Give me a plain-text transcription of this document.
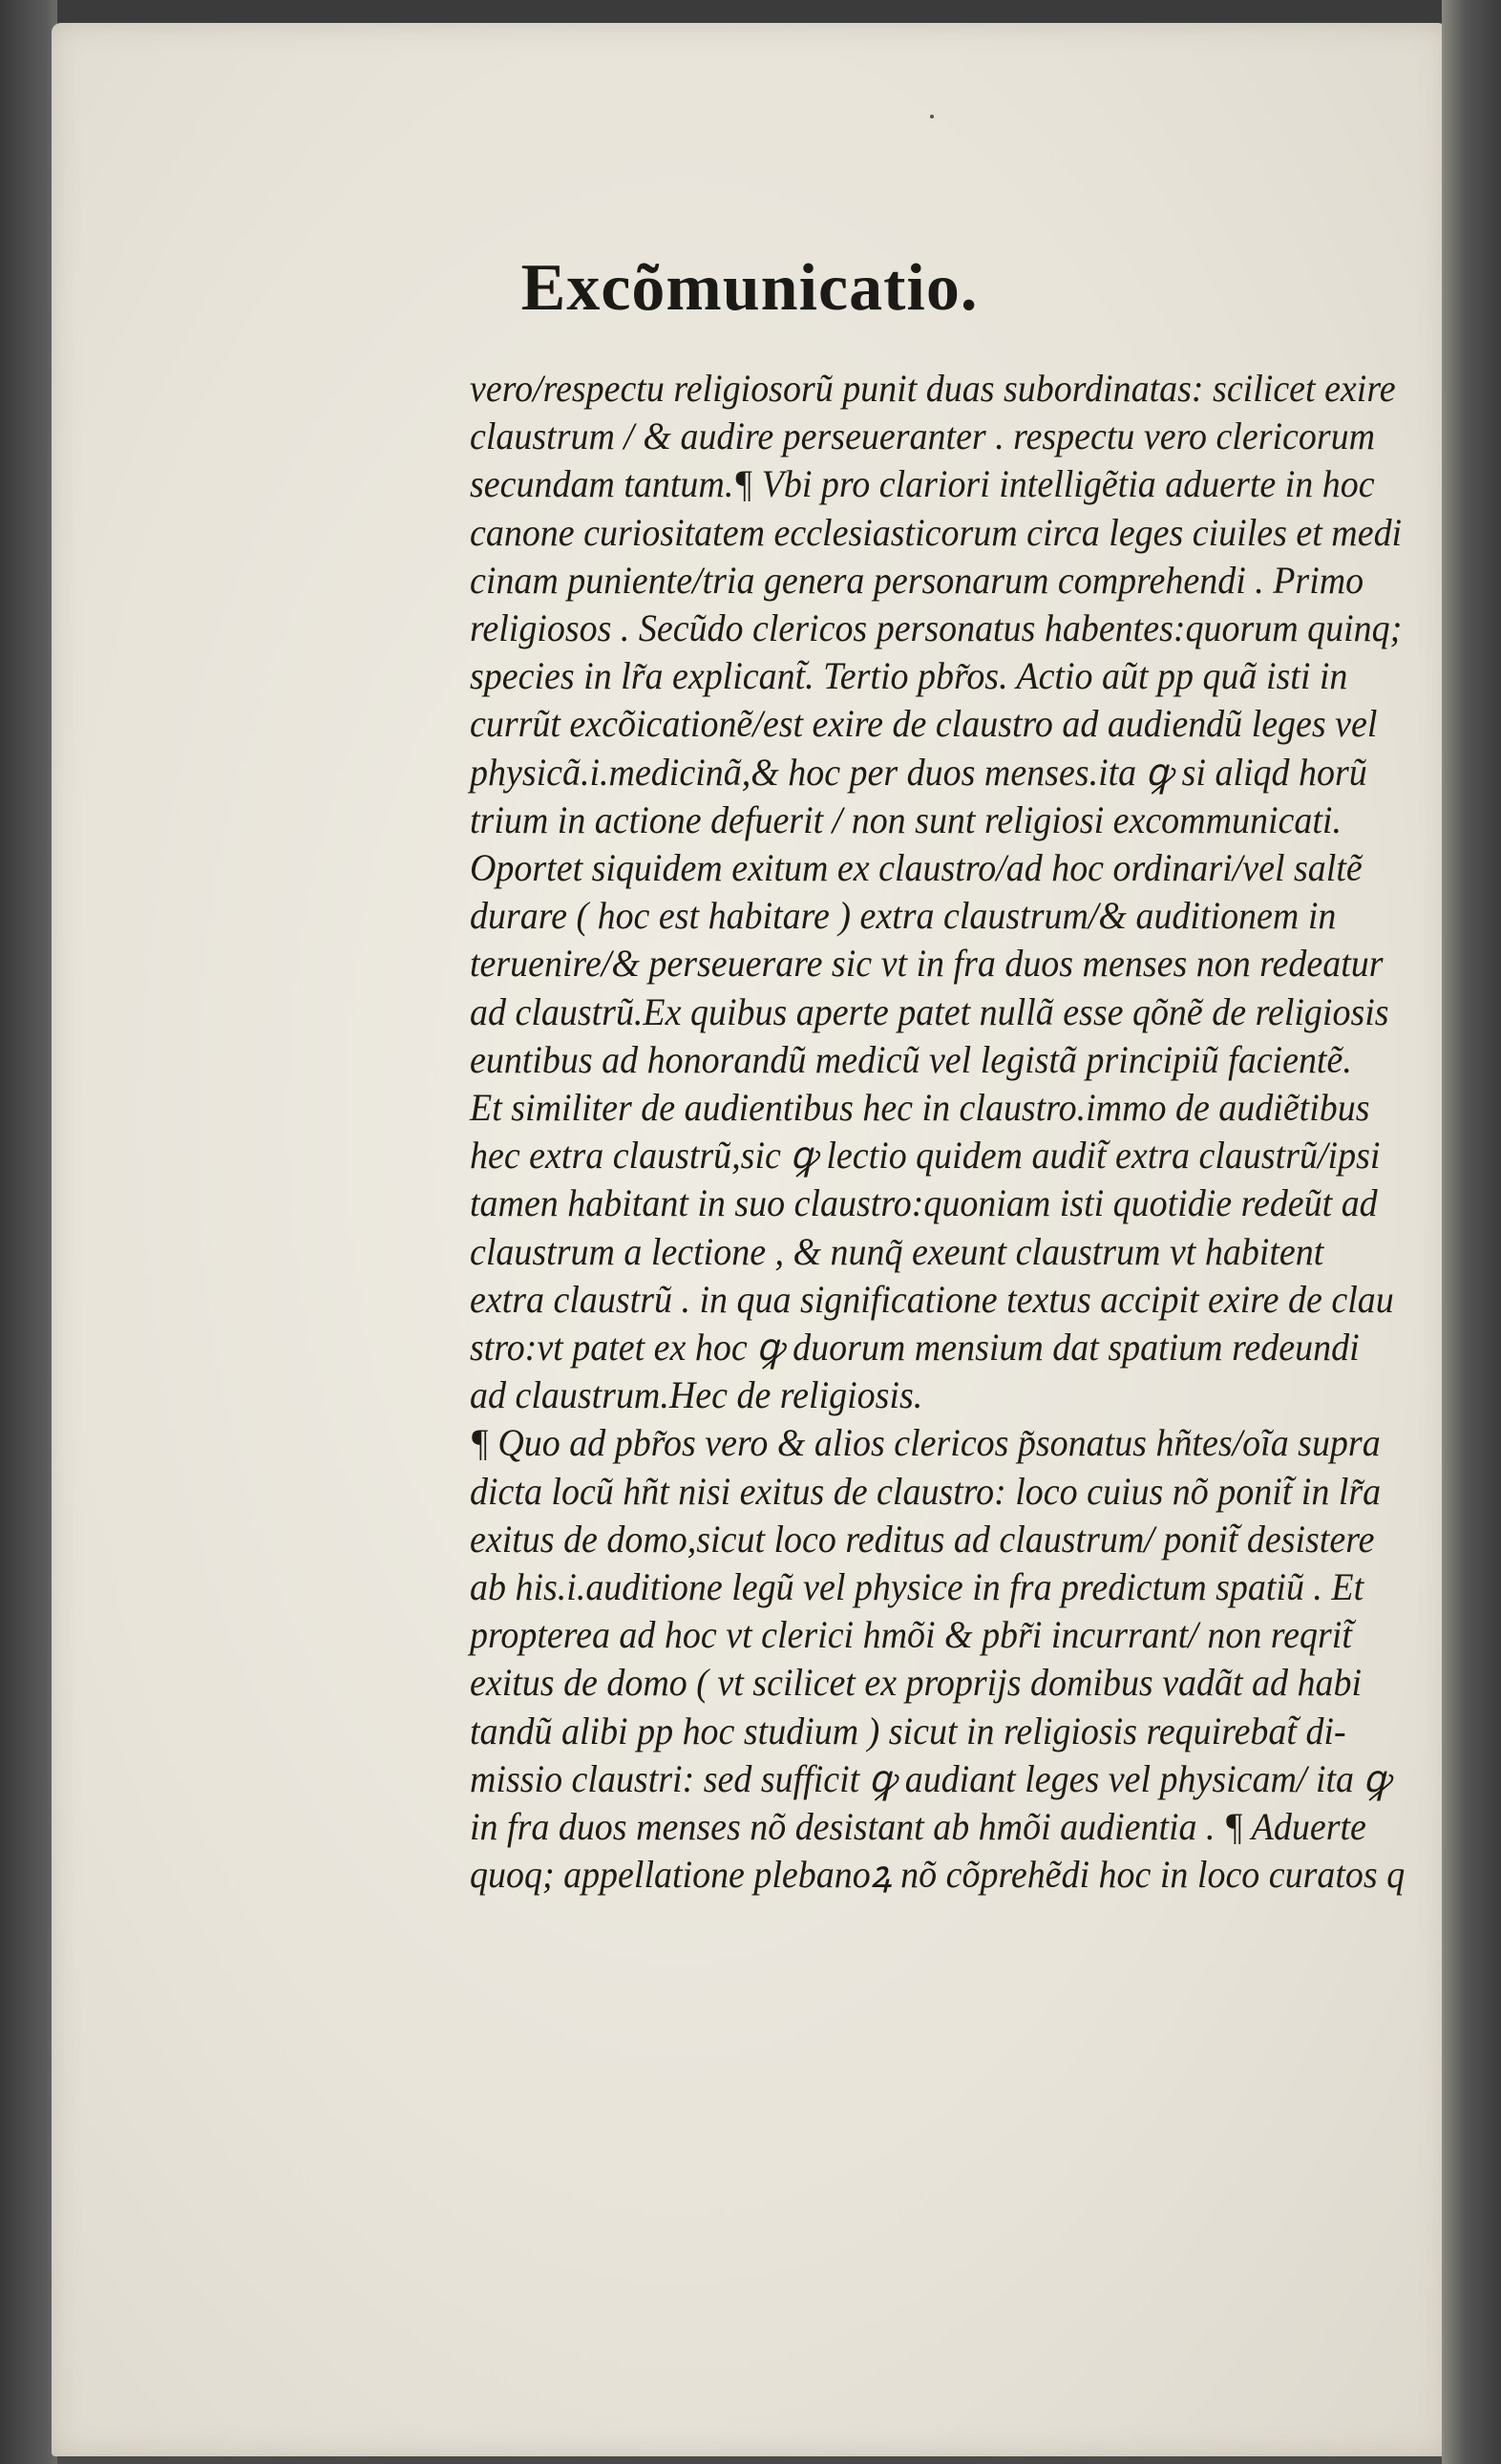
Excõmunicatio.
vero/respectu religiosorũ punit duas subordinatas: scilicet exire
claustrum / & audire perseueranter . respectu vero clericorum
secundam tantum.¶ Vbi pro clariori intelligẽtia aduerte in hoc
canone curiositatem ecclesiasticorum circa leges ciuiles et medi
cinam puniente/tria genera personarum comprehendi . Primo
religiosos . Secũdo clericos personatus habentes:quorum quinq;
species in lr̃a explicant̃. Tertio pbr̃os. Actio aũt pp quã isti in
currũt excõicationẽ/est exire de claustro ad audiendũ leges vel
physicã.i.medicinã,& hoc per duos menses.ita ꝙ si aliqd horũ
trium in actione defuerit / non sunt religiosi excommunicati.
Oportet siquidem exitum ex claustro/ad hoc ordinari/vel saltẽ
durare ( hoc est habitare ) extra claustrum/& auditionem in
teruenire/& perseuerare sic vt in fra duos menses non redeatur
ad claustrũ.Ex quibus aperte patet nullã esse qõnẽ de religiosis
euntibus ad honorandũ medicũ vel legistã principiũ facientẽ.
Et similiter de audientibus hec in claustro.immo de audiẽtibus
hec extra claustrũ,sic ꝙ lectio quidem audit̃ extra claustrũ/ipsi
tamen habitant in suo claustro:quoniam isti quotidie redeũt ad
claustrum a lectione , & nunq̃ exeunt claustrum vt habitent
extra claustrũ . in qua significatione textus accipit exire de clau
stro:vt patet ex hoc ꝙ duorum mensium dat spatium redeundi
ad claustrum.Hec de religiosis.
¶ Quo ad pbr̃os vero & alios clericos p̃sonatus hñtes/oĩa supra
dicta locũ hñt nisi exitus de claustro: loco cuius nõ ponit̃ in lr̃a
exitus de domo,sicut loco reditus ad claustrum/ ponit̃ desistere
ab his.i.auditione legũ vel physice in fra predictum spatiũ . Et
propterea ad hoc vt clerici hmõi & pbr̃i incurrant/ non reqrit̃
exitus de domo ( vt scilicet ex proprijs domibus vadãt ad habi
tandũ alibi pp hoc studium ) sicut in religiosis requirebat̃ di-
missio claustri: sed sufficit ꝙ audiant leges vel physicam/ ita ꝙ
in fra duos menses nõ desistant ab hmõi audientia . ¶ Aduerte
quoq; appellatione plebanoꝝ nõ cõprehẽdi hoc in loco curatos q
